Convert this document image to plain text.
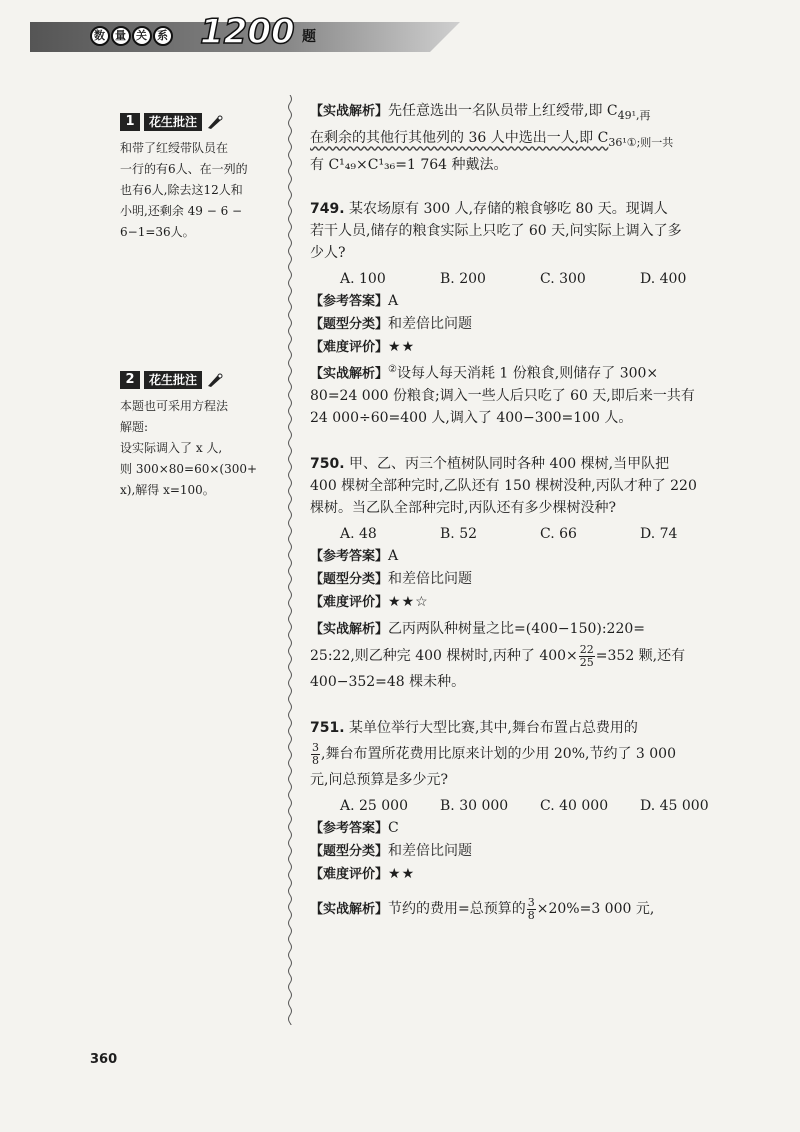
数 量 关 系 1200 题
1	花生批注
和带了红绶带队员在
一行的有6人、在一列的
也有6人,除去这12人和
小明,还剩余 49 − 6 −
6−1=36人。
2	花生批注
本题也可采用方程法
解题:
设实际调入了 x 人,
则 300×80=60×(300+
x),解得 x=100。
【实战解析】先任意选出一名队员带上红绶带,即 $C_{49^1,再}$
在剩余的其他行其他列的 36 人中选出一人,即 $C_{36^1①;则一共}$
有 C¹₄₉×C¹₃₆=1 764 种戴法。
749. 某农场原有 300 人,存储的粮食够吃 80 天。现调人
若干人员,储存的粮食实际上只吃了 60 天,问实际上调入了多
少人?
A. 100	B. 200	C. 300	D. 400
【参考答案】A
【题型分类】和差倍比问题
【难度评价】★★
【实战解析】②设每人每天消耗 1 份粮食,则储存了 300×
80=24 000 份粮食;调入一些人后只吃了 60 天,即后来一共有
24 000÷60=400 人,调入了 400−300=100 人。
750. 甲、乙、丙三个植树队同时各种 400 棵树,当甲队把
400 棵树全部种完时,乙队还有 150 棵树没种,丙队才种了 220
棵树。当乙队全部种完时,丙队还有多少棵树没种?
A. 48	B. 52	C. 66	D. 74
【参考答案】A
【题型分类】和差倍比问题
【难度评价】★★☆
【实战解析】乙丙两队种树量之比=(400−150):220=
25:22,则乙种完 400 棵树时,丙种了 $400\times \frac{22}{25} =352$ 颗,还有
400−352=48 棵未种。
751. 某单位举行大型比赛,其中,舞台布置占总费用的
$\frac{3}{8}$ ,舞台布置所花费用比原来计划的少用 20%,节约了 3 000
元,问总预算是多少元?
A. 25 000	B. 30 000	C. 40 000	D. 45 000
【参考答案】C
【题型分类】和差倍比问题
【难度评价】★★
【实战解析】节约的费用=总预算的 $\frac{3}{8} \times 20\%=3$ 000 元,
360
